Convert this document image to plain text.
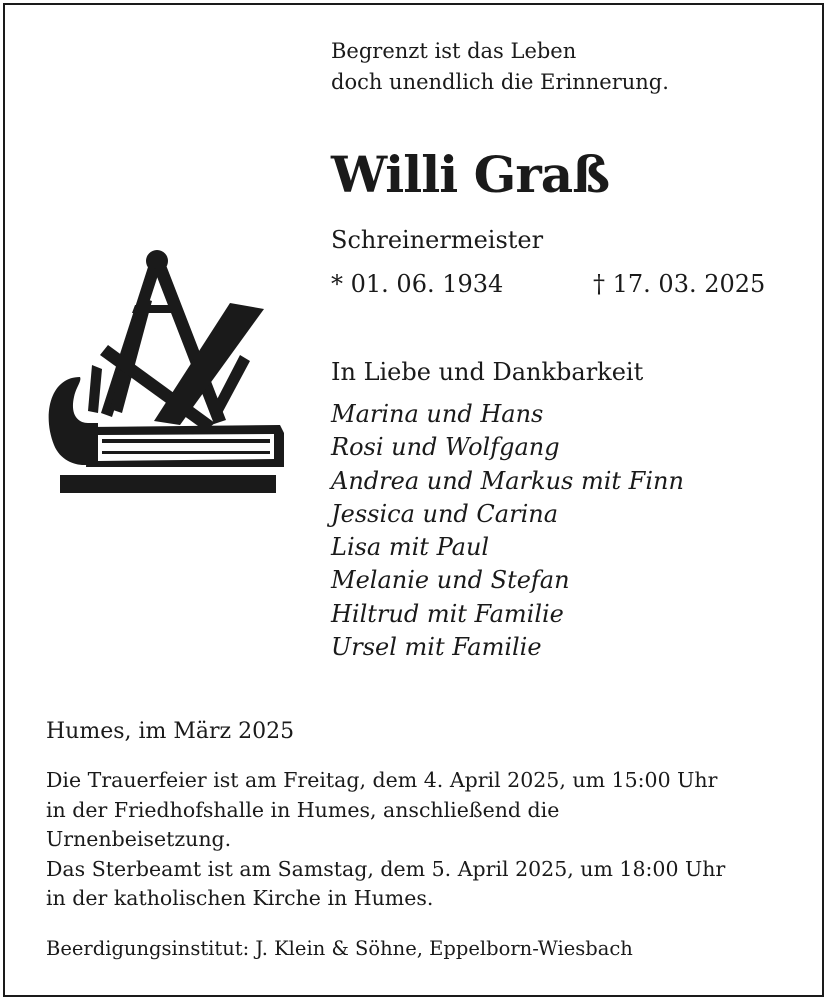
Begrenzt ist das Leben
doch unendlich die Erinnerung.
Willi Graß
Schreinermeister
* 01. 06. 1934	† 17. 03. 2025
In Liebe und Dankbarkeit
Marina und Hans
Rosi und Wolfgang
Andrea und Markus mit Finn
Jessica und Carina
Lisa mit Paul
Melanie und Stefan
Hiltrud mit Familie
Ursel mit Familie
Humes, im März 2025
Die Trauerfeier ist am Freitag, dem 4. April 2025, um 15:00 Uhr
in der Friedhofshalle in Humes, anschließend die
Urnenbeisetzung.
Das Sterbeamt ist am Samstag, dem 5. April 2025, um 18:00 Uhr
in der katholischen Kirche in Humes.
Beerdigungsinstitut: J. Klein & Söhne, Eppelborn-Wiesbach
